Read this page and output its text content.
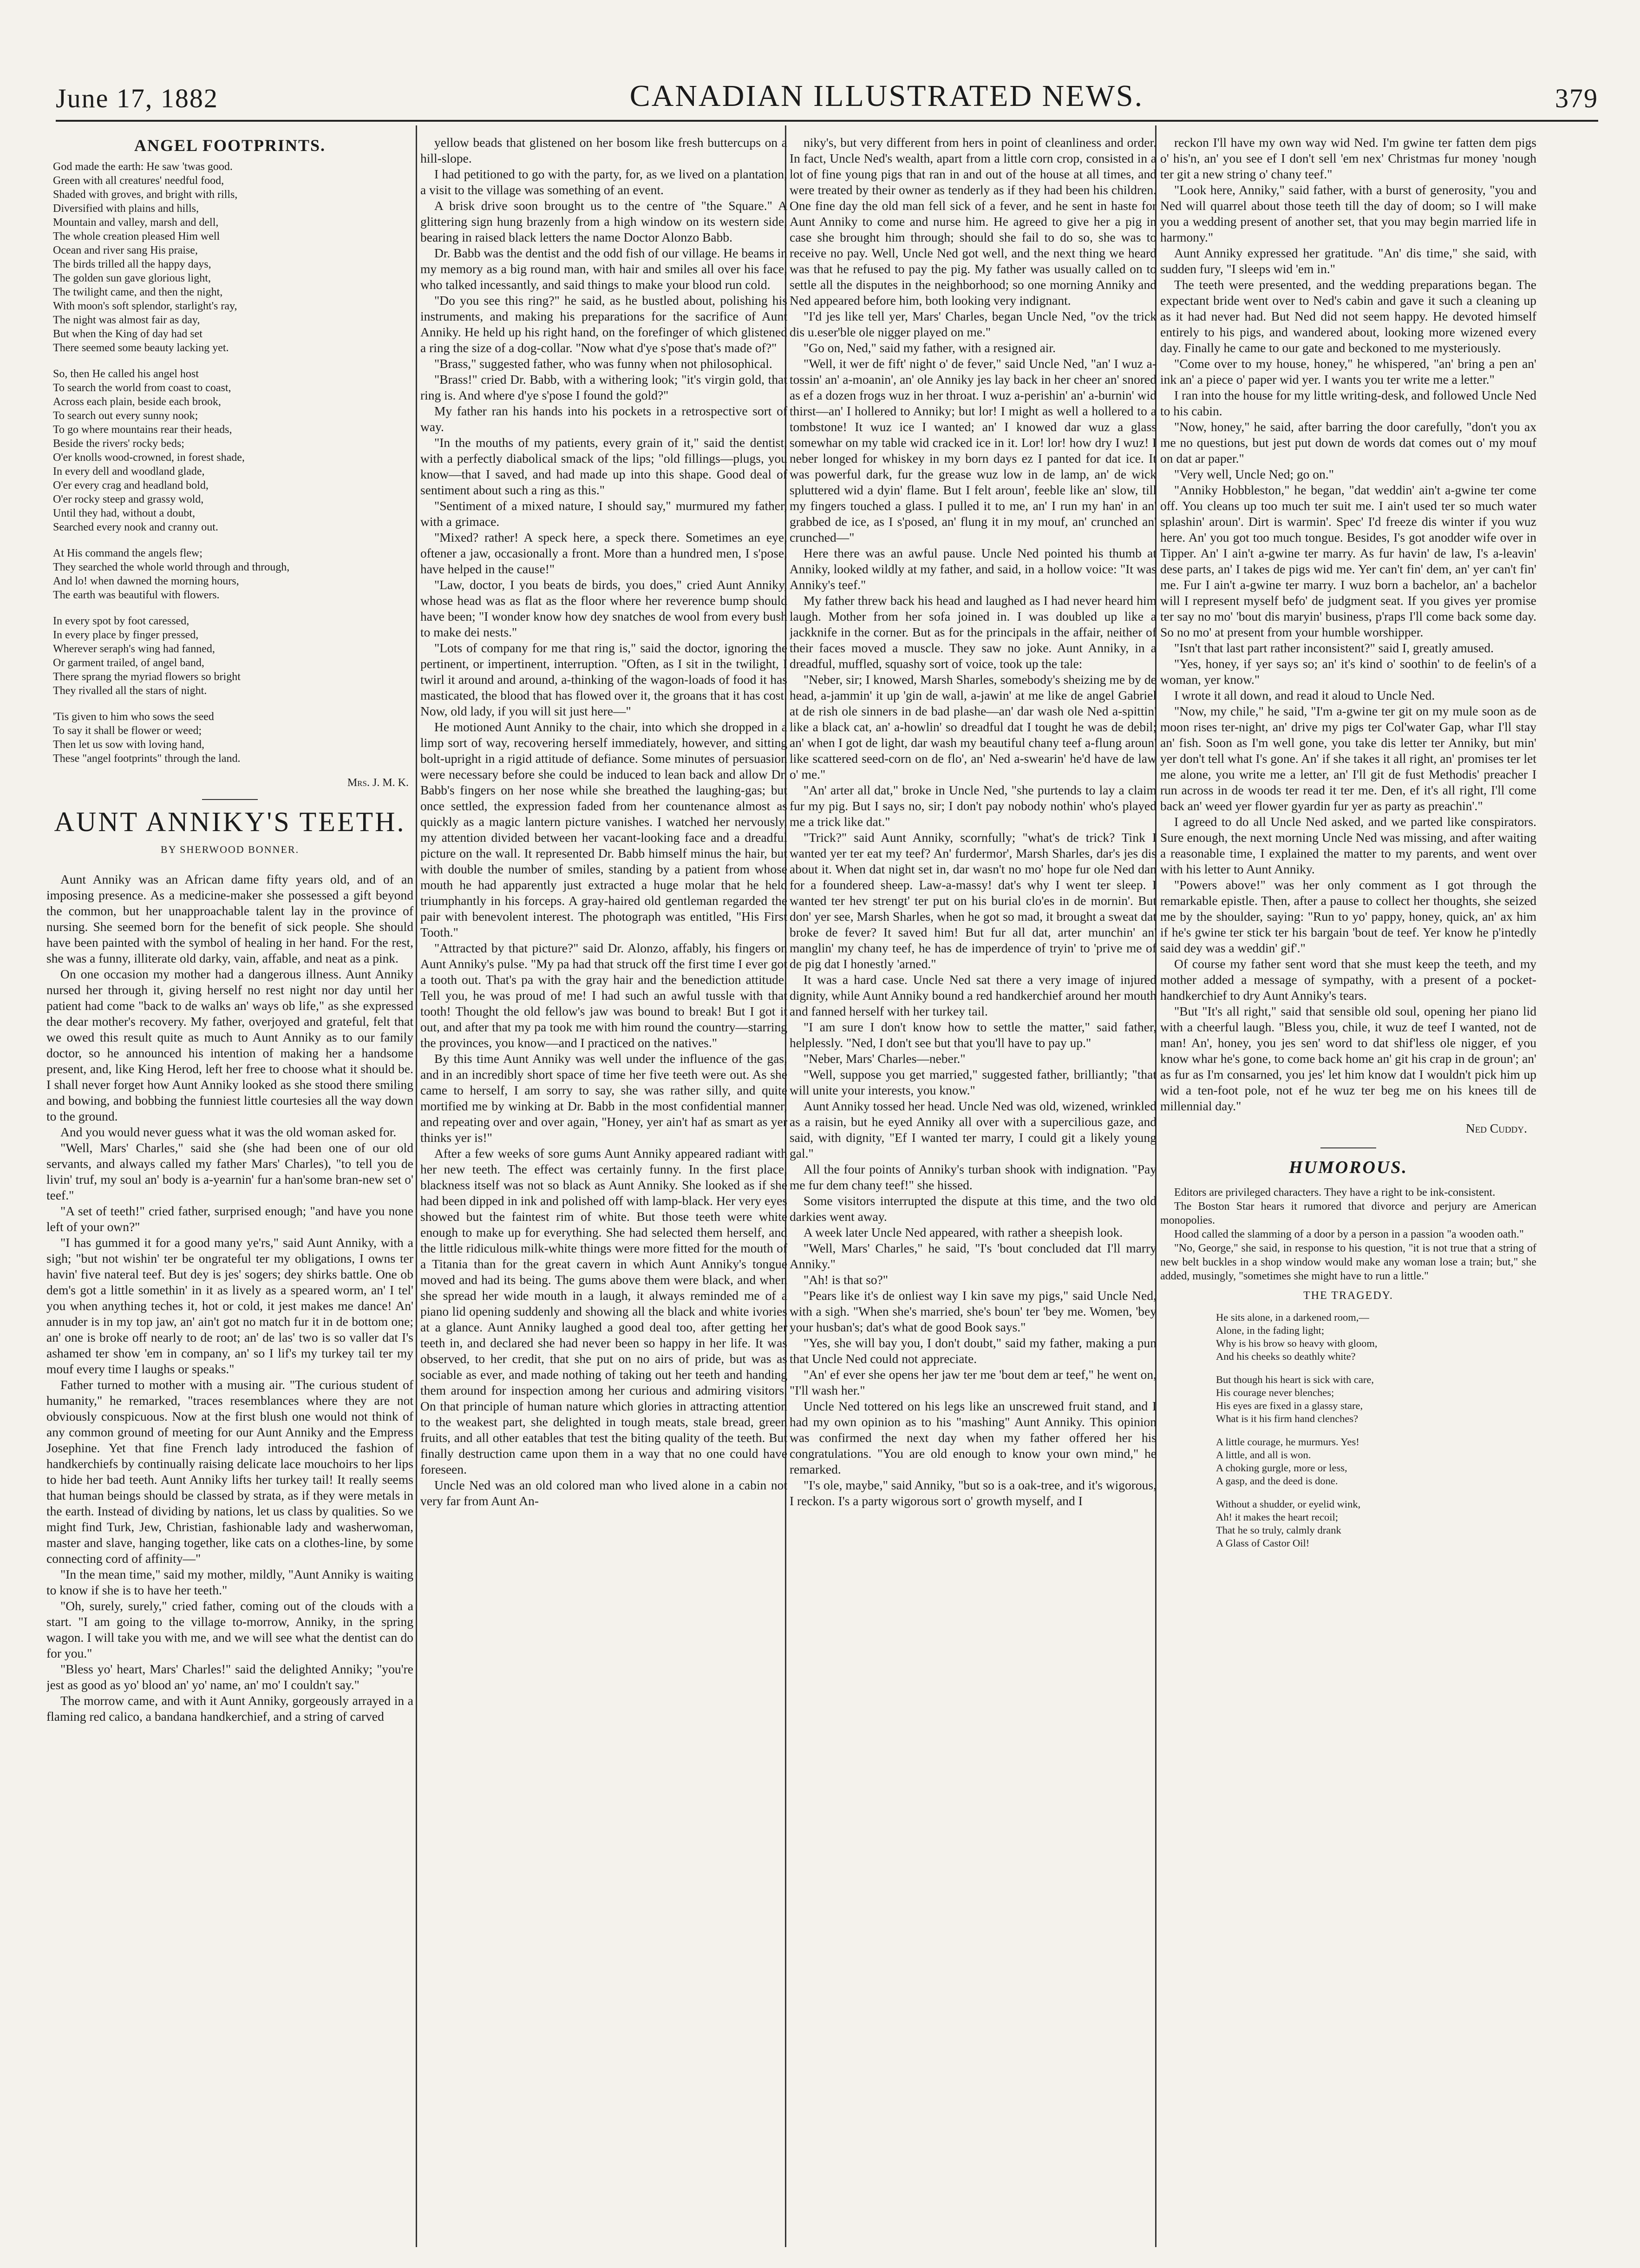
June 17, 1882	CANADIAN ILLUSTRATED NEWS.	379
ANGEL FOOTPRINTS.
God made the earth: He saw 'twas good.
Green with all creatures' needful food,
Shaded with groves, and bright with rills,
Diversified with plains and hills,
Mountain and valley, marsh and dell,
The whole creation pleased Him well
Ocean and river sang His praise,
The birds trilled all the happy days,
The golden sun gave glorious light,
The twilight came, and then the night,
With moon's soft splendor, starlight's ray,
The night was almost fair as day,
But when the King of day had set
There seemed some beauty lacking yet.
So, then He called his angel host
To search the world from coast to coast,
Across each plain, beside each brook,
To search out every sunny nook;
To go where mountains rear their heads,
Beside the rivers' rocky beds;
O'er knolls wood-crowned, in forest shade,
In every dell and woodland glade,
O'er every crag and headland bold,
O'er rocky steep and grassy wold,
Until they had, without a doubt,
Searched every nook and cranny out.
At His command the angels flew;
They searched the whole world through and through,
And lo! when dawned the morning hours,
The earth was beautiful with flowers.
In every spot by foot caressed,
In every place by finger pressed,
Wherever seraph's wing had fanned,
Or garment trailed, of angel band,
There sprang the myriad flowers so bright
They rivalled all the stars of night.
'Tis given to him who sows the seed
To say it shall be flower or weed;
Then let us sow with loving hand,
These "angel footprints" through the land.
Mrs. J. M. K.
AUNT ANNIKY'S TEETH.
BY SHERWOOD BONNER.

Aunt Anniky was an African dame fifty years old, and of an imposing presence. As a medicine-maker she possessed a gift beyond the common, but her unapproachable talent lay in the province of nursing. She seemed born for the benefit of sick people. She should have been painted with the symbol of healing in her hand. For the rest, she was a funny, illiterate old darky, vain, affable, and neat as a pink.

On one occasion my mother had a dangerous illness. Aunt Anniky nursed her through it, giving herself no rest night nor day until her patient had come "back to de walks an' ways ob life," as she expressed the dear mother's recovery. My father, overjoyed and grateful, felt that we owed this result quite as much to Aunt Anniky as to our family doctor, so he announced his intention of making her a handsome present, and, like King Herod, left her free to choose what it should be. I shall never forget how Aunt Anniky looked as she stood there smiling and bowing, and bobbing the funniest little courtesies all the way down to the ground.

And you would never guess what it was the old woman asked for.

"Well, Mars' Charles," said she (she had been one of our old servants, and always called my father Mars' Charles), "to tell you de livin' truf, my soul an' body is a-yearnin' fur a han'some bran-new set o' teef."

"A set of teeth!" cried father, surprised enough; "and have you none left of your own?"

"I has gummed it for a good many ye'rs," said Aunt Anniky, with a sigh; "but not wishin' ter be ongrateful ter my obligations, I owns ter havin' five nateral teef. But dey is jes' sogers; dey shirks battle. One ob dem's got a little somethin' in it as lively as a speared worm, an' I tel' you when anything teches it, hot or cold, it jest makes me dance! An' annuder is in my top jaw, an' ain't got no match fur it in de bottom one; an' one is broke off nearly to de root; an' de las' two is so valler dat I's ashamed ter show 'em in company, an' so I lif's my turkey tail ter my mouf every time I laughs or speaks."

Father turned to mother with a musing air. "The curious student of humanity," he remarked, "traces resemblances where they are not obviously conspicuous. Now at the first blush one would not think of any common ground of meeting for our Aunt Anniky and the Empress Josephine. Yet that fine French lady introduced the fashion of handkerchiefs by continually raising delicate lace mouchoirs to her lips to hide her bad teeth. Aunt Anniky lifts her turkey tail! It really seems that human beings should be classed by strata, as if they were metals in the earth. Instead of dividing by nations, let us class by qualities. So we might find Turk, Jew, Christian, fashionable lady and washerwoman, master and slave, hanging together, like cats on a clothes-line, by some connecting cord of affinity—"

"In the mean time," said my mother, mildly, "Aunt Anniky is waiting to know if she is to have her teeth."

"Oh, surely, surely," cried father, coming out of the clouds with a start. "I am going to the village to-morrow, Anniky, in the spring wagon. I will take you with me, and we will see what the dentist can do for you."

"Bless yo' heart, Mars' Charles!" said the delighted Anniky; "you're jest as good as yo' blood an' yo' name, an' mo' I couldn't say."

The morrow came, and with it Aunt Anniky, gorgeously arrayed in a flaming red calico, a bandana handkerchief, and a string of carved

yellow beads that glistened on her bosom like fresh buttercups on a hill-slope.

I had petitioned to go with the party, for, as we lived on a plantation, a visit to the village was something of an event.

A brisk drive soon brought us to the centre of "the Square." A glittering sign hung brazenly from a high window on its western side, bearing in raised black letters the name Doctor Alonzo Babb.

Dr. Babb was the dentist and the odd fish of our village. He beams in my memory as a big round man, with hair and smiles all over his face, who talked incessantly, and said things to make your blood run cold.

"Do you see this ring?" he said, as he bustled about, polishing his instruments, and making his preparations for the sacrifice of Aunt Anniky. He held up his right hand, on the forefinger of which glistened a ring the size of a dog-collar. "Now what d'ye s'pose that's made of?"

"Brass," suggested father, who was funny when not philosophical.

"Brass!" cried Dr. Babb, with a withering look; "it's virgin gold, that ring is. And where d'ye s'pose I found the gold?"

My father ran his hands into his pockets in a retrospective sort of way.

"In the mouths of my patients, every grain of it," said the dentist, with a perfectly diabolical smack of the lips; "old fillings—plugs, you know—that I saved, and had made up into this shape. Good deal of sentiment about such a ring as this."

"Sentiment of a mixed nature, I should say," murmured my father, with a grimace.

"Mixed? rather! A speck here, a speck there. Sometimes an eye, oftener a jaw, occasionally a front. More than a hundred men, I s'pose, have helped in the cause!"

"Law, doctor, I you beats de birds, you does," cried Aunt Anniky, whose head was as flat as the floor where her reverence bump should have been; "I wonder know how dey snatches de wool from every bush to make dei nests."

"Lots of company for me that ring is," said the doctor, ignoring the pertinent, or impertinent, interruption. "Often, as I sit in the twilight, I twirl it around and around, a-thinking of the wagon-loads of food it has masticated, the blood that has flowed over it, the groans that it has cost. Now, old lady, if you will sit just here—"

He motioned Aunt Anniky to the chair, into which she dropped in a limp sort of way, recovering herself immediately, however, and sitting bolt-upright in a rigid attitude of defiance. Some minutes of persuasion were necessary before she could be induced to lean back and allow Dr. Babb's fingers on her nose while she breathed the laughing-gas; but once settled, the expression faded from her countenance almost as quickly as a magic lantern picture vanishes. I watched her nervously, my attention divided between her vacant-looking face and a dreadful picture on the wall. It represented Dr. Babb himself minus the hair, but with double the number of smiles, standing by a patient from whose mouth he had apparently just extracted a huge molar that he held triumphantly in his forceps. A gray-haired old gentleman regarded the pair with benevolent interest. The photograph was entitled, "His First Tooth."

"Attracted by that picture?" said Dr. Alonzo, affably, his fingers on Aunt Anniky's pulse. "My pa had that struck off the first time I ever got a tooth out. That's pa with the gray hair and the benediction attitude. Tell you, he was proud of me! I had such an awful tussle with that tooth! Thought the old fellow's jaw was bound to break! But I got it out, and after that my pa took me with him round the country—starring the provinces, you know—and I practiced on the natives."

By this time Aunt Anniky was well under the influence of the gas, and in an incredibly short space of time her five teeth were out. As she came to herself, I am sorry to say, she was rather silly, and quite mortified me by winking at Dr. Babb in the most confidential manner, and repeating over and over again, "Honey, yer ain't haf as smart as yer thinks yer is!"

After a few weeks of sore gums Aunt Anniky appeared radiant with her new teeth. The effect was certainly funny. In the first place, blackness itself was not so black as Aunt Anniky. She looked as if she had been dipped in ink and polished off with lamp-black. Her very eyes showed but the faintest rim of white. But those teeth were white enough to make up for everything. She had selected them herself, and the little ridiculous milk-white things were more fitted for the mouth of a Titania than for the great cavern in which Aunt Anniky's tongue moved and had its being. The gums above them were black, and when she spread her wide mouth in a laugh, it always reminded me of a piano lid opening suddenly and showing all the black and white ivories at a glance. Aunt Anniky laughed a good deal too, after getting her teeth in, and declared she had never been so happy in her life. It was observed, to her credit, that she put on no airs of pride, but was as sociable as ever, and made nothing of taking out her teeth and handing them around for inspection among her curious and admiring visitors. On that principle of human nature which glories in attracting attention to the weakest part, she delighted in tough meats, stale bread, green fruits, and all other eatables that test the biting quality of the teeth. But finally destruction came upon them in a way that no one could have foreseen.

Uncle Ned was an old colored man who lived alone in a cabin not very far from Aunt An-

niky's, but very different from hers in point of cleanliness and order. In fact, Uncle Ned's wealth, apart from a little corn crop, consisted in a lot of fine young pigs that ran in and out of the house at all times, and were treated by their owner as tenderly as if they had been his children. One fine day the old man fell sick of a fever, and he sent in haste for Aunt Anniky to come and nurse him. He agreed to give her a pig in case she brought him through; should she fail to do so, she was to receive no pay. Well, Uncle Ned got well, and the next thing we heard was that he refused to pay the pig. My father was usually called on to settle all the disputes in the neighborhood; so one morning Anniky and Ned appeared before him, both looking very indignant.

"I'd jes like tell yer, Mars' Charles, began Uncle Ned, "ov the trick dis u.eser'ble ole nigger played on me."

"Go on, Ned," said my father, with a resigned air.

"Well, it wer de fift' night o' de fever," said Uncle Ned, "an' I wuz a-tossin' an' a-moanin', an' ole Anniky jes lay back in her cheer an' snored as ef a dozen frogs wuz in her throat. I wuz a-perishin' an' a-burnin' wid thirst—an' I hollered to Anniky; but lor! I might as well a hollered to a tombstone! It wuz ice I wanted; an' I knowed dar wuz a glass somewhar on my table wid cracked ice in it. Lor! lor! how dry I wuz! I neber longed for whiskey in my born days ez I panted for dat ice. It was powerful dark, fur the grease wuz low in de lamp, an' de wick spluttered wid a dyin' flame. But I felt aroun', feeble like an' slow, till my fingers touched a glass. I pulled it to me, an' I run my han' in an' grabbed de ice, as I s'posed, an' flung it in my mouf, an' crunched an' crunched—"

Here there was an awful pause. Uncle Ned pointed his thumb at Anniky, looked wildly at my father, and said, in a hollow voice: "It was Anniky's teef."

My father threw back his head and laughed as I had never heard him laugh. Mother from her sofa joined in. I was doubled up like a jackknife in the corner. But as for the principals in the affair, neither of their faces moved a muscle. They saw no joke. Aunt Anniky, in a dreadful, muffled, squashy sort of voice, took up the tale:

"Neber, sir; I knowed, Marsh Sharles, somebody's sheizing me by de head, a-jammin' it up 'gin de wall, a-jawin' at me like de angel Gabriel at de rish ole sinners in de bad plashe—an' dar wash ole Ned a-spittin' like a black cat, an' a-howlin' so dreadful dat I tought he was de debil; an' when I got de light, dar wash my beautiful chany teef a-flung aroun' like scattered seed-corn on de flo', an' Ned a-swearin' he'd have de law o' me."

"An' arter all dat," broke in Uncle Ned, "she purtends to lay a claim fur my pig. But I says no, sir; I don't pay nobody nothin' who's played me a trick like dat."

"Trick?" said Aunt Anniky, scornfully; "what's de trick? Tink I wanted yer ter eat my teef? An' furdermor', Marsh Sharles, dar's jes dis about it. When dat night set in, dar wasn't no mo' hope fur ole Ned dan for a foundered sheep. Law-a-massy! dat's why I went ter sleep. I wanted ter hev strengt' ter put on his burial clo'es in de mornin'. But don' yer see, Marsh Sharles, when he got so mad, it brought a sweat dat broke de fever? It saved him! But fur all dat, arter munchin' an' manglin' my chany teef, he has de imperdence of tryin' to 'prive me of de pig dat I honestly 'arned."

It was a hard case. Uncle Ned sat there a very image of injured dignity, while Aunt Anniky bound a red handkerchief around her mouth and fanned herself with her turkey tail.

"I am sure I don't know how to settle the matter," said father, helplessly. "Ned, I don't see but that you'll have to pay up."

"Neber, Mars' Charles—neber."

"Well, suppose you get married," suggested father, brilliantly; "that will unite your interests, you know."

Aunt Anniky tossed her head. Uncle Ned was old, wizened, wrinkled as a raisin, but he eyed Anniky all over with a supercilious gaze, and said, with dignity, "Ef I wanted ter marry, I could git a likely young gal."

All the four points of Anniky's turban shook with indignation. "Pay me fur dem chany teef!" she hissed.

Some visitors interrupted the dispute at this time, and the two old darkies went away.

A week later Uncle Ned appeared, with rather a sheepish look.

"Well, Mars' Charles," he said, "I's 'bout concluded dat I'll marry Anniky."

"Ah! is that so?"

"Pears like it's de onliest way I kin save my pigs," said Uncle Ned, with a sigh. "When she's married, she's boun' ter 'bey me. Women, 'bey your husban's; dat's what de good Book says."

"Yes, she will bay you, I don't doubt," said my father, making a pun that Uncle Ned could not appreciate.

"An' ef ever she opens her jaw ter me 'bout dem ar teef," he went on, "I'll wash her."

Uncle Ned tottered on his legs like an unscrewed fruit stand, and I had my own opinion as to his "mashing" Aunt Anniky. This opinion was confirmed the next day when my father offered her his congratulations. "You are old enough to know your own mind," he remarked.

"I's ole, maybe," said Anniky, "but so is a oak-tree, and it's wigorous, I reckon. I's a party wigorous sort o' growth myself, and I

reckon I'll have my own way wid Ned. I'm gwine ter fatten dem pigs o' his'n, an' you see ef I don't sell 'em nex' Christmas fur money 'nough ter git a new string o' chany teef."

"Look here, Anniky," said father, with a burst of generosity, "you and Ned will quarrel about those teeth till the day of doom; so I will make you a wedding present of another set, that you may begin married life in harmony."

Aunt Anniky expressed her gratitude. "An' dis time," she said, with sudden fury, "I sleeps wid 'em in."

The teeth were presented, and the wedding preparations began. The expectant bride went over to Ned's cabin and gave it such a cleaning up as it had never had. But Ned did not seem happy. He devoted himself entirely to his pigs, and wandered about, looking more wizened every day. Finally he came to our gate and beckoned to me mysteriously.

"Come over to my house, honey," he whispered, "an' bring a pen an' ink an' a piece o' paper wid yer. I wants you ter write me a letter."

I ran into the house for my little writing-desk, and followed Uncle Ned to his cabin.

"Now, honey," he said, after barring the door carefully, "don't you ax me no questions, but jest put down de words dat comes out o' my mouf on dat ar paper."

"Very well, Uncle Ned; go on."

"Anniky Hobbleston," he began, "dat weddin' ain't a-gwine ter come off. You cleans up too much ter suit me. I ain't used ter so much water splashin' aroun'. Dirt is warmin'. Spec' I'd freeze dis winter if you wuz here. An' you got too much tongue. Besides, I's got anodder wife over in Tipper. An' I ain't a-gwine ter marry. As fur havin' de law, I's a-leavin' dese parts, an' I takes de pigs wid me. Yer can't fin' dem, an' yer can't fin' me. Fur I ain't a-gwine ter marry. I wuz born a bachelor, an' a bachelor will I represent myself befo' de judgment seat. If you gives yer promise ter say no mo' 'bout dis maryin' business, p'raps I'll come back some day. So no mo' at present from your humble worshipper.

"Isn't that last part rather inconsistent?" said I, greatly amused.

"Yes, honey, if yer says so; an' it's kind o' soothin' to de feelin's of a woman, yer know."

I wrote it all down, and read it aloud to Uncle Ned.

"Now, my chile," he said, "I'm a-gwine ter git on my mule soon as de moon rises ter-night, an' drive my pigs ter Col'water Gap, whar I'll stay an' fish. Soon as I'm well gone, you take dis letter ter Anniky, but min' yer don't tell what I's gone. An' if she takes it all right, an' promises ter let me alone, you write me a letter, an' I'll git de fust Methodis' preacher I run across in de woods ter read it ter me. Den, ef it's all right, I'll come back an' weed yer flower gyardin fur yer as party as preachin'."

I agreed to do all Uncle Ned asked, and we parted like conspirators. Sure enough, the next morning Uncle Ned was missing, and after waiting a reasonable time, I explained the matter to my parents, and went over with his letter to Aunt Anniky.

"Powers above!" was her only comment as I got through the remarkable epistle. Then, after a pause to collect her thoughts, she seized me by the shoulder, saying: "Run to yo' pappy, honey, quick, an' ax him if he's gwine ter stick ter his bargain 'bout de teef. Yer know he p'intedly said dey was a weddin' gif'."

Of course my father sent word that she must keep the teeth, and my mother added a message of sympathy, with a present of a pocket-handkerchief to dry Aunt Anniky's tears.

"But "It's all right," said that sensible old soul, opening her piano lid with a cheerful laugh. "Bless you, chile, it wuz de teef I wanted, not de man! An', honey, you jes sen' word to dat shif'less ole nigger, ef you know whar he's gone, to come back home an' git his crap in de groun'; an' as fur as I'm consarned, you jes' let him know dat I wouldn't pick him up wid a ten-foot pole, not ef he wuz ter beg me on his knees till de millennial day."

Ned Cuddy.
HUMOROUS.

Editors are privileged characters. They have a right to be ink-consistent.

The Boston Star hears it rumored that divorce and perjury are American monopolies.

Hood called the slamming of a door by a person in a passion "a wooden oath."

"No, George," she said, in response to his question, "it is not true that a string of new belt buckles in a shop window would make any woman lose a train; but," she added, musingly, "sometimes she might have to run a little."

THE TRAGEDY.
He sits alone, in a darkened room,—
Alone, in the fading light;
Why is his brow so heavy with gloom,
And his cheeks so deathly white?
But though his heart is sick with care,
His courage never blenches;
His eyes are fixed in a glassy stare,
What is it his firm hand clenches?
A little courage, he murmurs. Yes!
A little, and all is won.
A choking gurgle, more or less,
A gasp, and the deed is done.
Without a shudder, or eyelid wink,
Ah! it makes the heart recoil;
That he so truly, calmly drank
A Glass of Castor Oil!
